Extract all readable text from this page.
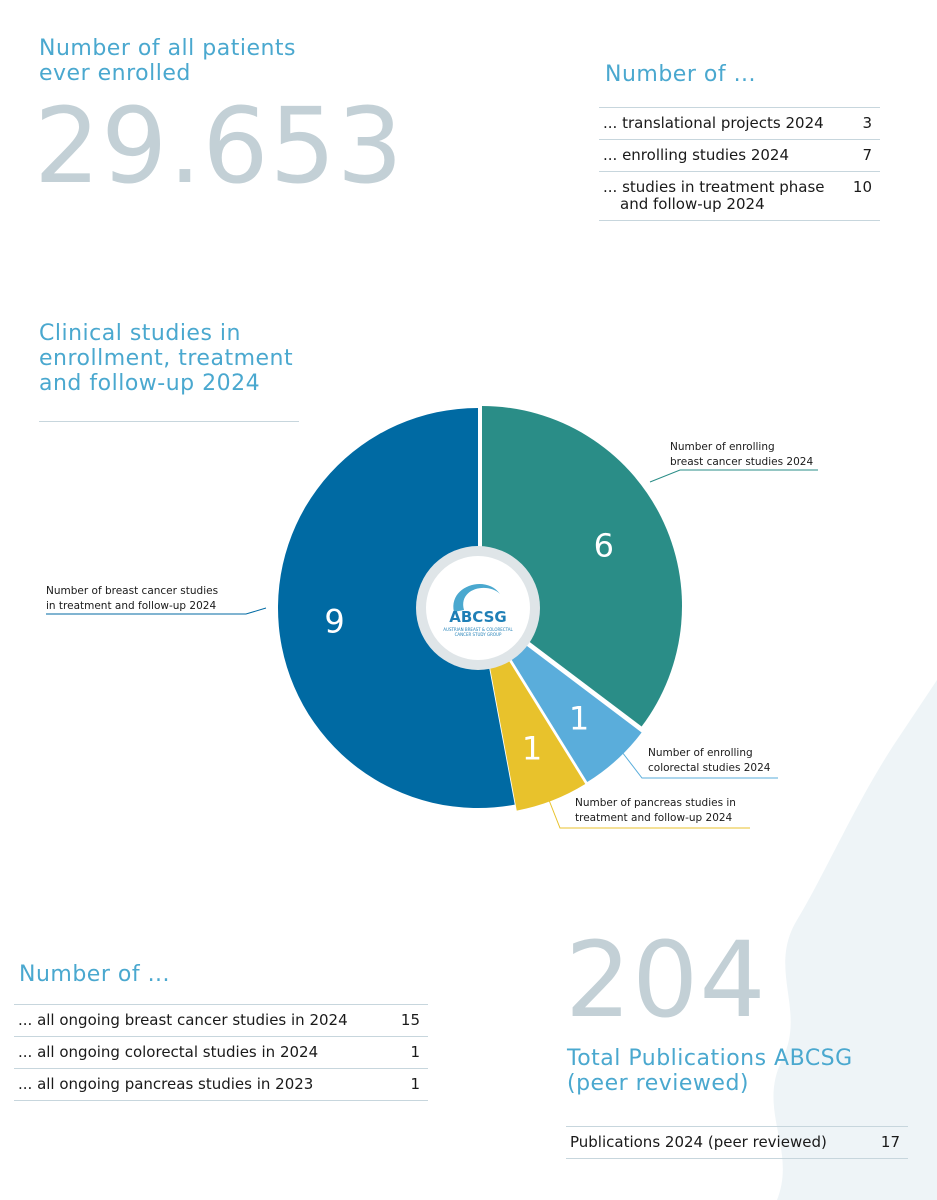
Number of all patients
ever enrolled
29.653
Number of ...
... translational projects 2024	3
... enrolling studies 2024	7
... studies in treatment phase
and follow-up 2024	10
Clinical studies in
enrollment, treatment
and follow-up 2024
6
1
1
9
Number of enrolling
breast cancer studies 2024
Number of enrolling
colorectal studies 2024
Number of pancreas studies in
treatment and follow-up 2024
Number of breast cancer studies
in treatment and follow-up 2024
ABCSG
AUSTRIAN BREAST & COLORECTAL
CANCER STUDY GROUP
Number of ...
... all ongoing breast cancer studies in 2024	15
... all ongoing colorectal studies in 2024	1
... all ongoing pancreas studies in 2023	1
204
Total Publications ABCSG
(peer reviewed)
Publications 2024 (peer reviewed)	17
